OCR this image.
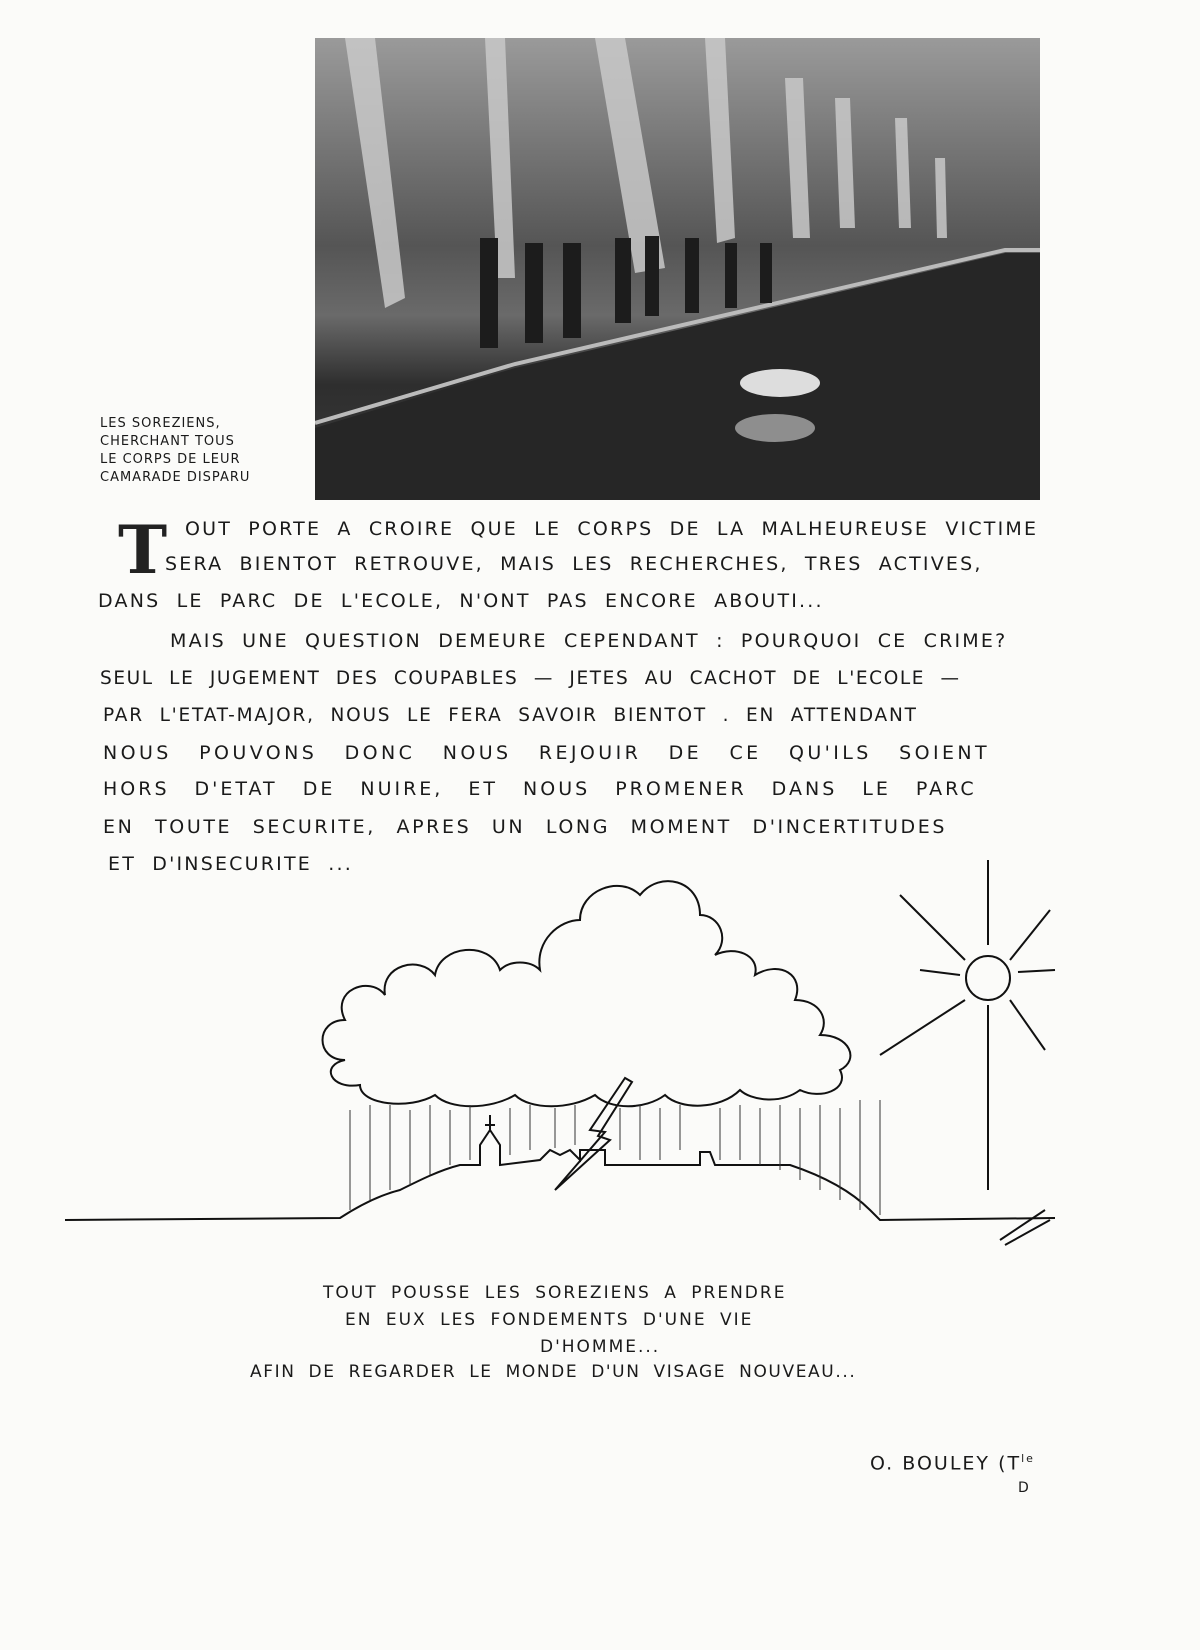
LES SOREZIENS,
CHERCHANT TOUS
LE CORPS DE LEUR
CAMARADE DISPARU
T OUT PORTE A CROIRE QUE LE CORPS DE LA MALHEUREUSE VICTIME
SERA BIENTOT RETROUVE, MAIS LES RECHERCHES, TRES ACTIVES,
DANS LE PARC DE L'ECOLE, N'ONT PAS ENCORE ABOUTI...
MAIS UNE QUESTION DEMEURE CEPENDANT : POURQUOI CE CRIME?
SEUL LE JUGEMENT DES COUPABLES — JETES AU CACHOT DE L'ECOLE —
PAR L'ETAT-MAJOR, NOUS LE FERA SAVOIR BIENTOT . EN ATTENDANT
NOUS POUVONS DONC NOUS REJOUIR DE CE QU'ILS SOIENT
HORS D'ETAT DE NUIRE, ET NOUS PROMENER DANS LE PARC
EN TOUTE SECURITE, APRES UN LONG MOMENT D'INCERTITUDES
ET D'INSECURITE ...
TOUT POUSSE LES SOREZIENS A PRENDRE
EN EUX LES FONDEMENTS D'UNE VIE
D'HOMME...
AFIN DE REGARDER LE MONDE D'UN VISAGE NOUVEAU...
O. BOULEY ($T^{le}$
D
